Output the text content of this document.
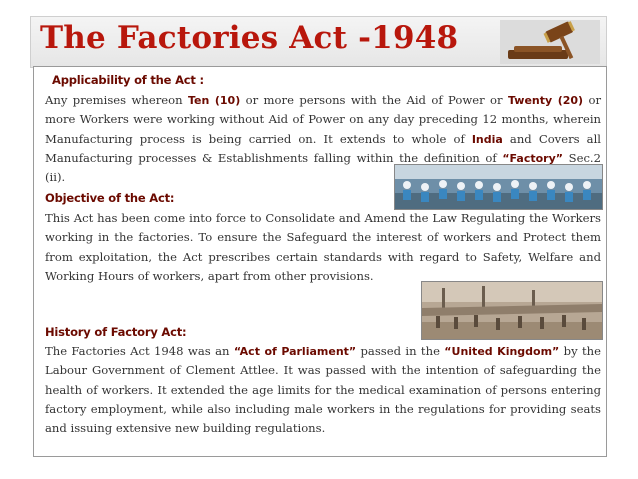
The Factories Act -1948
Applicability of the Act :
Any premises whereon Ten (10) or more persons with the Aid of Power or Twenty (20) or more Workers were working without Aid of Power on any day preceding 12 months, wherein Manufacturing process is being carried on. It extends to whole of India and Covers all Manufacturing processes & Establishments falling within the definition of “Factory” Sec.2 (ii).
Objective of the Act:
This Act has been come into force to Consolidate and Amend the Law Regulating the Workers working in the factories. To ensure the Safeguard the interest of workers and Protect them from exploitation, the Act prescribes certain standards with regard to Safety, Welfare and Working Hours of workers, apart from other provisions.
History of Factory Act:
The Factories Act 1948 was an “Act of Parliament” passed in the “United Kingdom” by the Labour Government of Clement Attlee. It was passed with the intention of safeguarding the health of workers. It extended the age limits for the medical examination of persons entering factory employment, while also including male workers in the regulations for providing seats and issuing extensive new building regulations.
